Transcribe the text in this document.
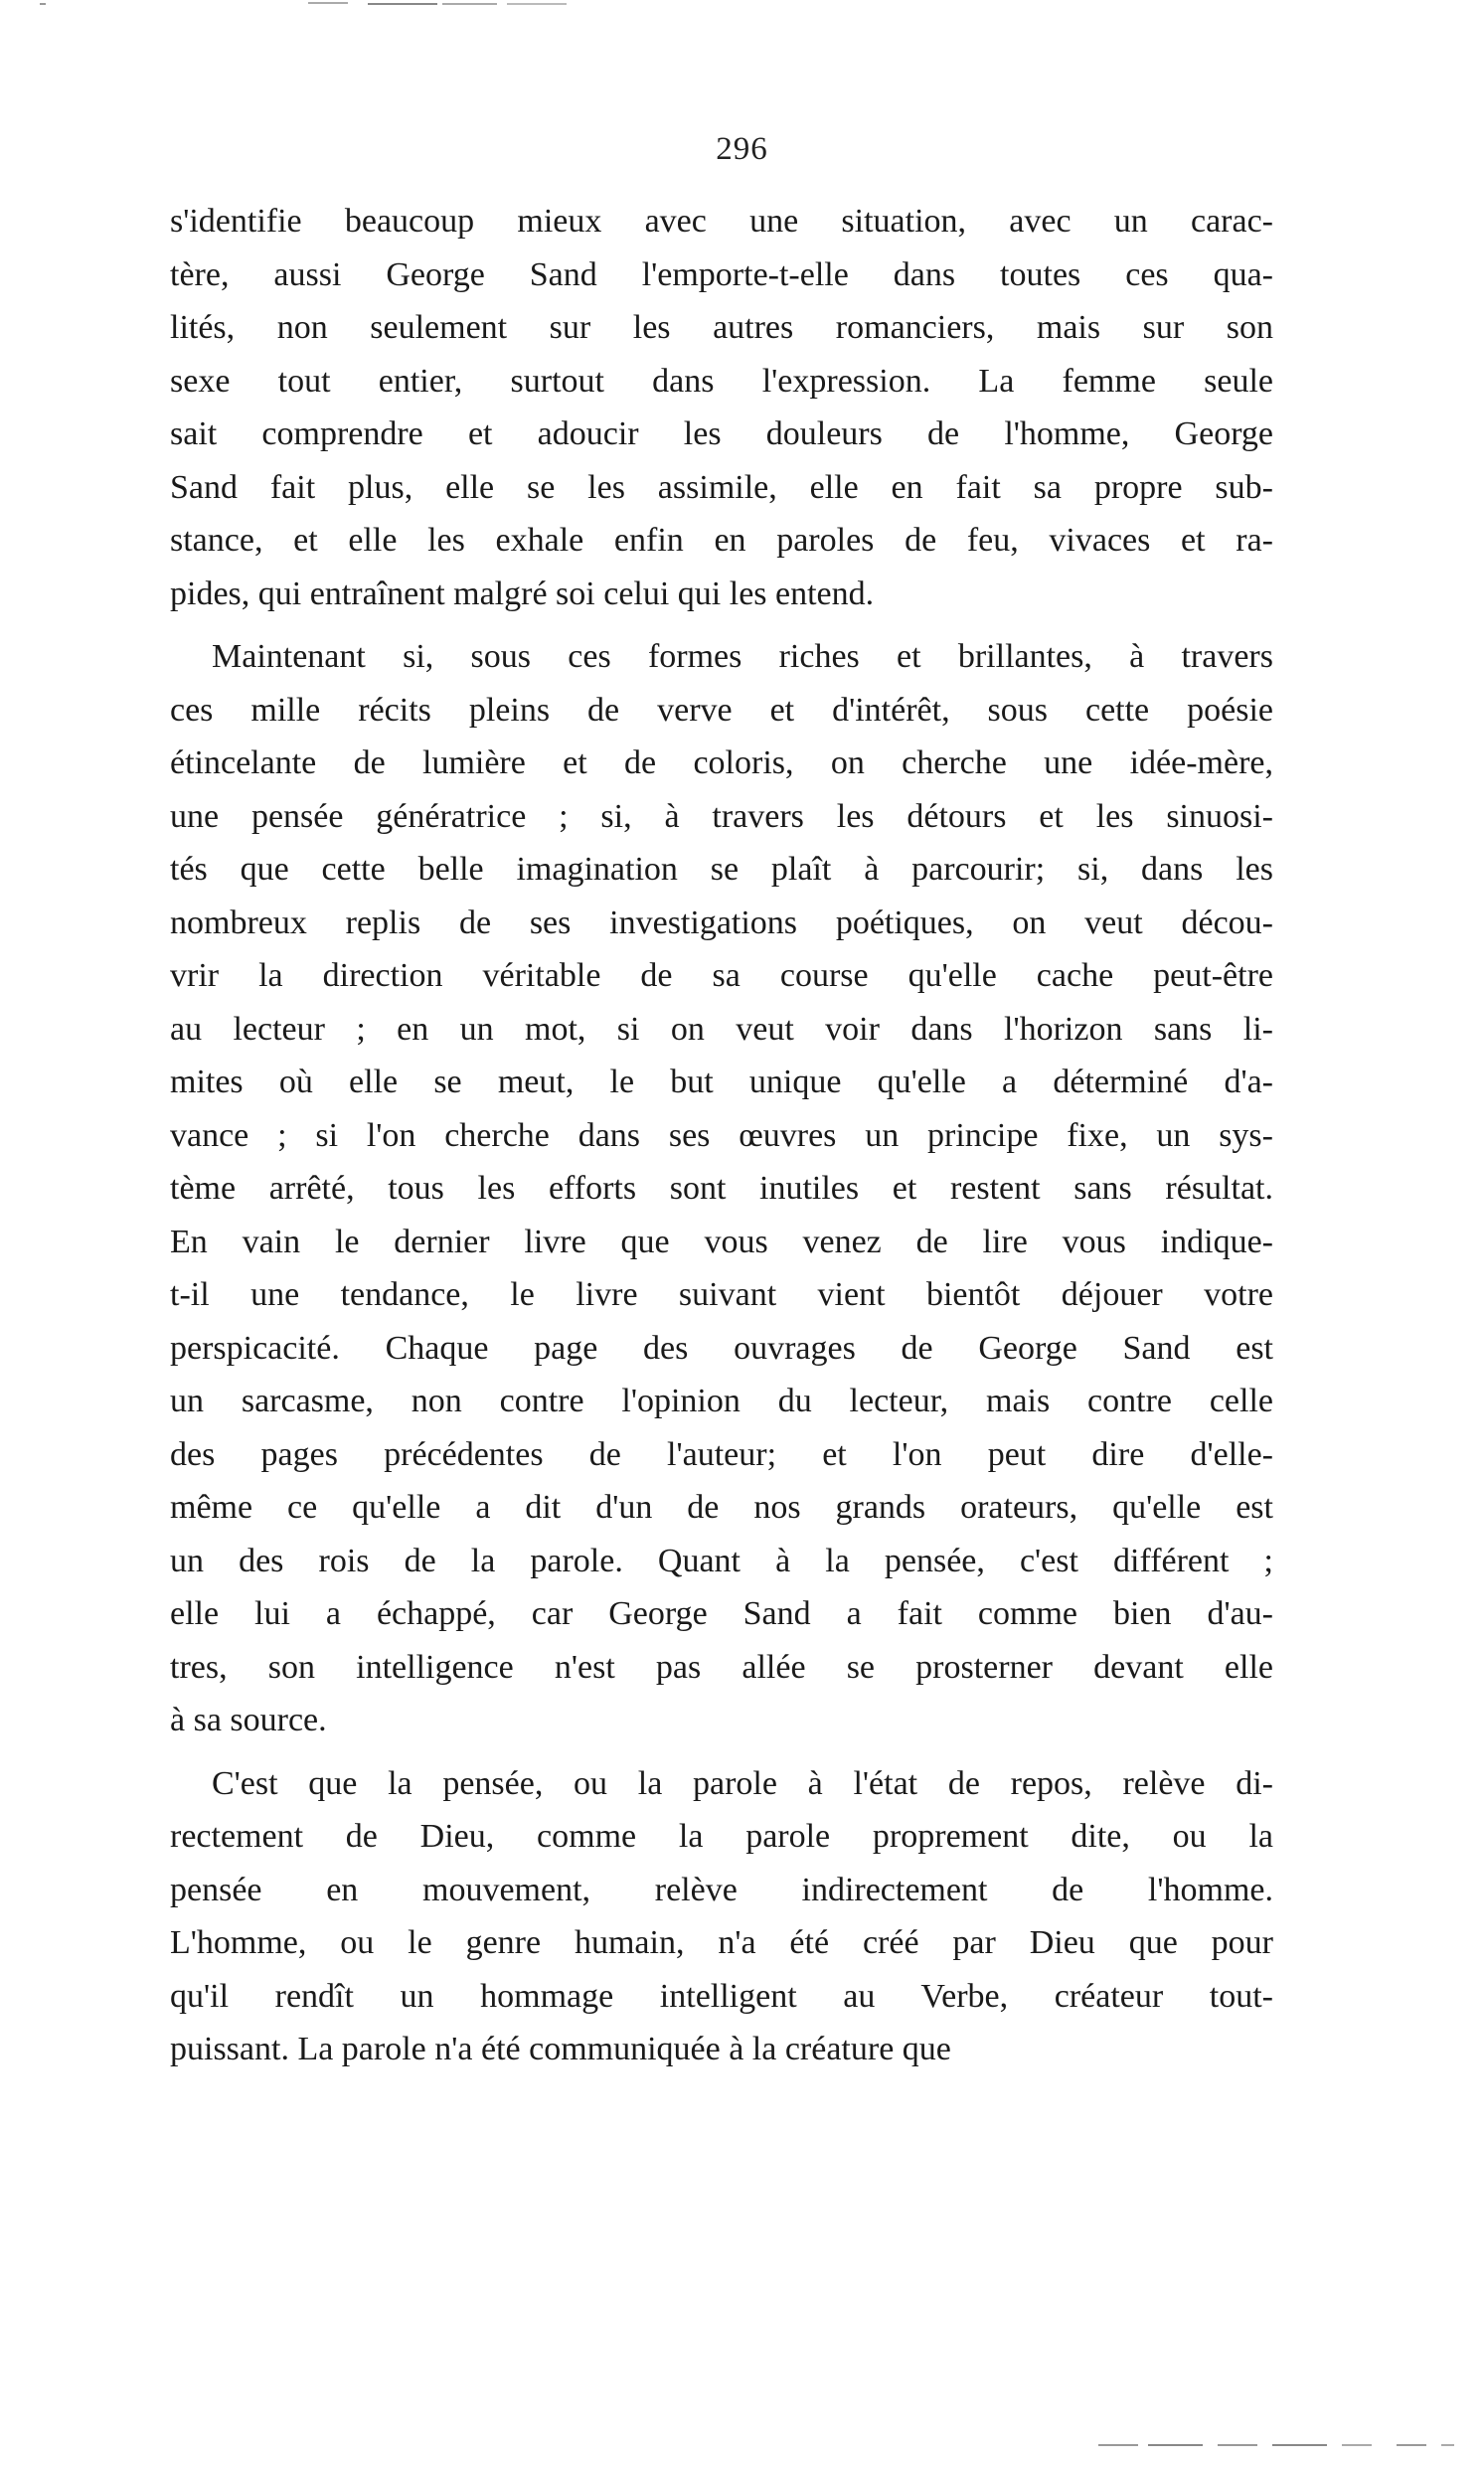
296
s'identifie beaucoup mieux avec une situation, avec un carac-
tère, aussi George Sand l'emporte-t-elle dans toutes ces qua-
lités, non seulement sur les autres romanciers, mais sur son
sexe tout entier, surtout dans l'expression. La femme seule
sait comprendre et adoucir les douleurs de l'homme, George
Sand fait plus, elle se les assimile, elle en fait sa propre sub-
stance, et elle les exhale enfin en paroles de feu, vivaces et ra-
pides, qui entraînent malgré soi celui qui les entend.
Maintenant si, sous ces formes riches et brillantes, à travers
ces mille récits pleins de verve et d'intérêt, sous cette poésie
étincelante de lumière et de coloris, on cherche une idée-mère,
une pensée génératrice ; si, à travers les détours et les sinuosi-
tés que cette belle imagination se plaît à parcourir; si, dans les
nombreux replis de ses investigations poétiques, on veut décou-
vrir la direction véritable de sa course qu'elle cache peut-être
au lecteur ; en un mot, si on veut voir dans l'horizon sans li-
mites où elle se meut, le but unique qu'elle a déterminé d'a-
vance ; si l'on cherche dans ses œuvres un principe fixe, un sys-
tème arrêté, tous les efforts sont inutiles et restent sans résultat.
En vain le dernier livre que vous venez de lire vous indique-
t-il une tendance, le livre suivant vient bientôt déjouer votre
perspicacité. Chaque page des ouvrages de George Sand est
un sarcasme, non contre l'opinion du lecteur, mais contre celle
des pages précédentes de l'auteur; et l'on peut dire d'elle-
même ce qu'elle a dit d'un de nos grands orateurs, qu'elle est
un des rois de la parole. Quant à la pensée, c'est différent ;
elle lui a échappé, car George Sand a fait comme bien d'au-
tres, son intelligence n'est pas allée se prosterner devant elle
à sa source.
C'est que la pensée, ou la parole à l'état de repos, relève di-
rectement de Dieu, comme la parole proprement dite, ou la
pensée en mouvement, relève indirectement de l'homme.
L'homme, ou le genre humain, n'a été créé par Dieu que pour
qu'il rendît un hommage intelligent au Verbe, créateur tout-
puissant. La parole n'a été communiquée à la créature que
